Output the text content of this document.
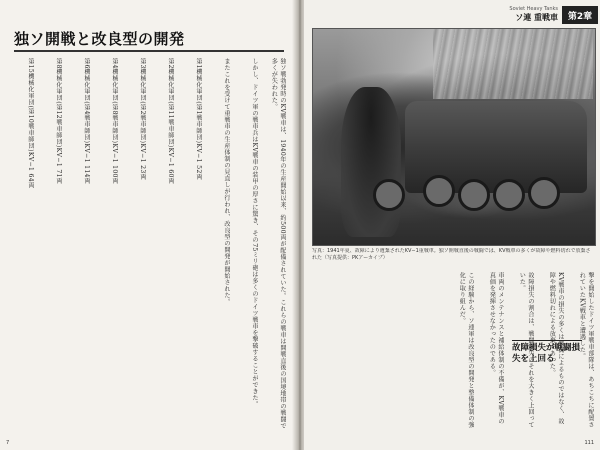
独ソ開戦と改良型の開発

独ソ戦勃発時のKV戦車は、1940年の生産開始以来、約500両が配備されていた。これらの戦車は開戦直後の国境地帯の戦闘で多くが失われた。

しかし、ドイツ軍の戦車兵はKV戦車の装甲の厚さに驚き、その75ミリ砲は多くのドイツ戦車を撃破することができた。

またこれを受けて重戦車の生産体制の見直しが行われ、改良型の開発が開始された。

第1機械化軍団(第1戦車師団)KV−1 52両

第2機械化軍団(第11戦車師団)KV−1 60両

第3機械化軍団(第2戦車師団)KV−1 23両

第4機械化軍団(第8戦車師団)KV−1 100両

第6機械化軍団(第4戦車師団)KV−1 114両

第8機械化軍団(第12戦車師団)KV−1 71両

第15機械化軍団(第10戦車師団)KV−1 64両

7
Soviet Heavy Tanks
ソ連 重戦車	第2章
写真：1941年夏、故障により遺棄されたKV−1重戦車。独ソ開戦直後の戦闘では、KV戦車の多くが故障や燃料切れで放棄された（写真提供：PKアーカイブ）

撃を開始したドイツ軍戦車部隊は、あちこちに配置されていたKV戦車と遭遇した。

KV戦車の損失の多くは戦闘によるものではなく、故障や燃料切れによる放棄であった。

故障損失の割合は、戦闘損失のそれを大きく上回っていた。

車両のメンテナンスと補給体制の不備が、KV戦車の真価を発揮させなかったのである。

この経験から、ソ連軍は改良型の開発と整備体制の強化に取り組んだ。

故障損失が戦闘損失を上回る
111
